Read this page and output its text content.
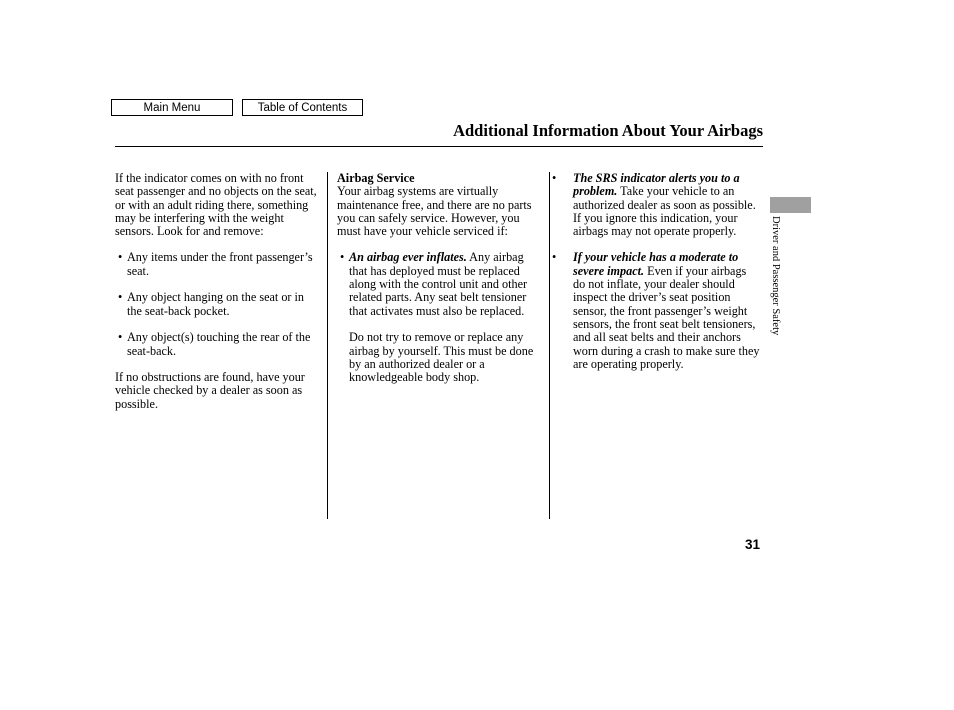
Main Menu	Table of Contents
Additional Information About Your Airbags

If the indicator comes on with no front seat passenger and no objects on the seat, or with an adult riding there, something may be interfering with the weight sensors. Look for and remove:

• Any items under the front passenger’s seat.

• Any object hanging on the seat or in the seat-back pocket.

• Any object(s) touching the rear of the seat-back.

If no obstructions are found, have your vehicle checked by a dealer as soon as possible.

Airbag Service

Your airbag systems are virtually maintenance free, and there are no parts you can safely service. However, you must have your vehicle serviced if:

• An airbag ever inflates. Any airbag that has deployed must be replaced along with the control unit and other related parts. Any seat belt tensioner that activates must also be replaced.

Do not try to remove or replace any airbag by yourself. This must be done by an authorized dealer or a knowledgeable body shop.

• The SRS indicator alerts you to a problem. Take your vehicle to an authorized dealer as soon as possible. If you ignore this indication, your airbags may not operate properly.

• If your vehicle has a moderate to severe impact. Even if your airbags do not inflate, your dealer should inspect the driver’s seat position sensor, the front passenger’s weight sensors, the front seat belt tensioners, and all seat belts and their anchors worn during a crash to make sure they are operating properly.

Driver and Passenger Safety
31
